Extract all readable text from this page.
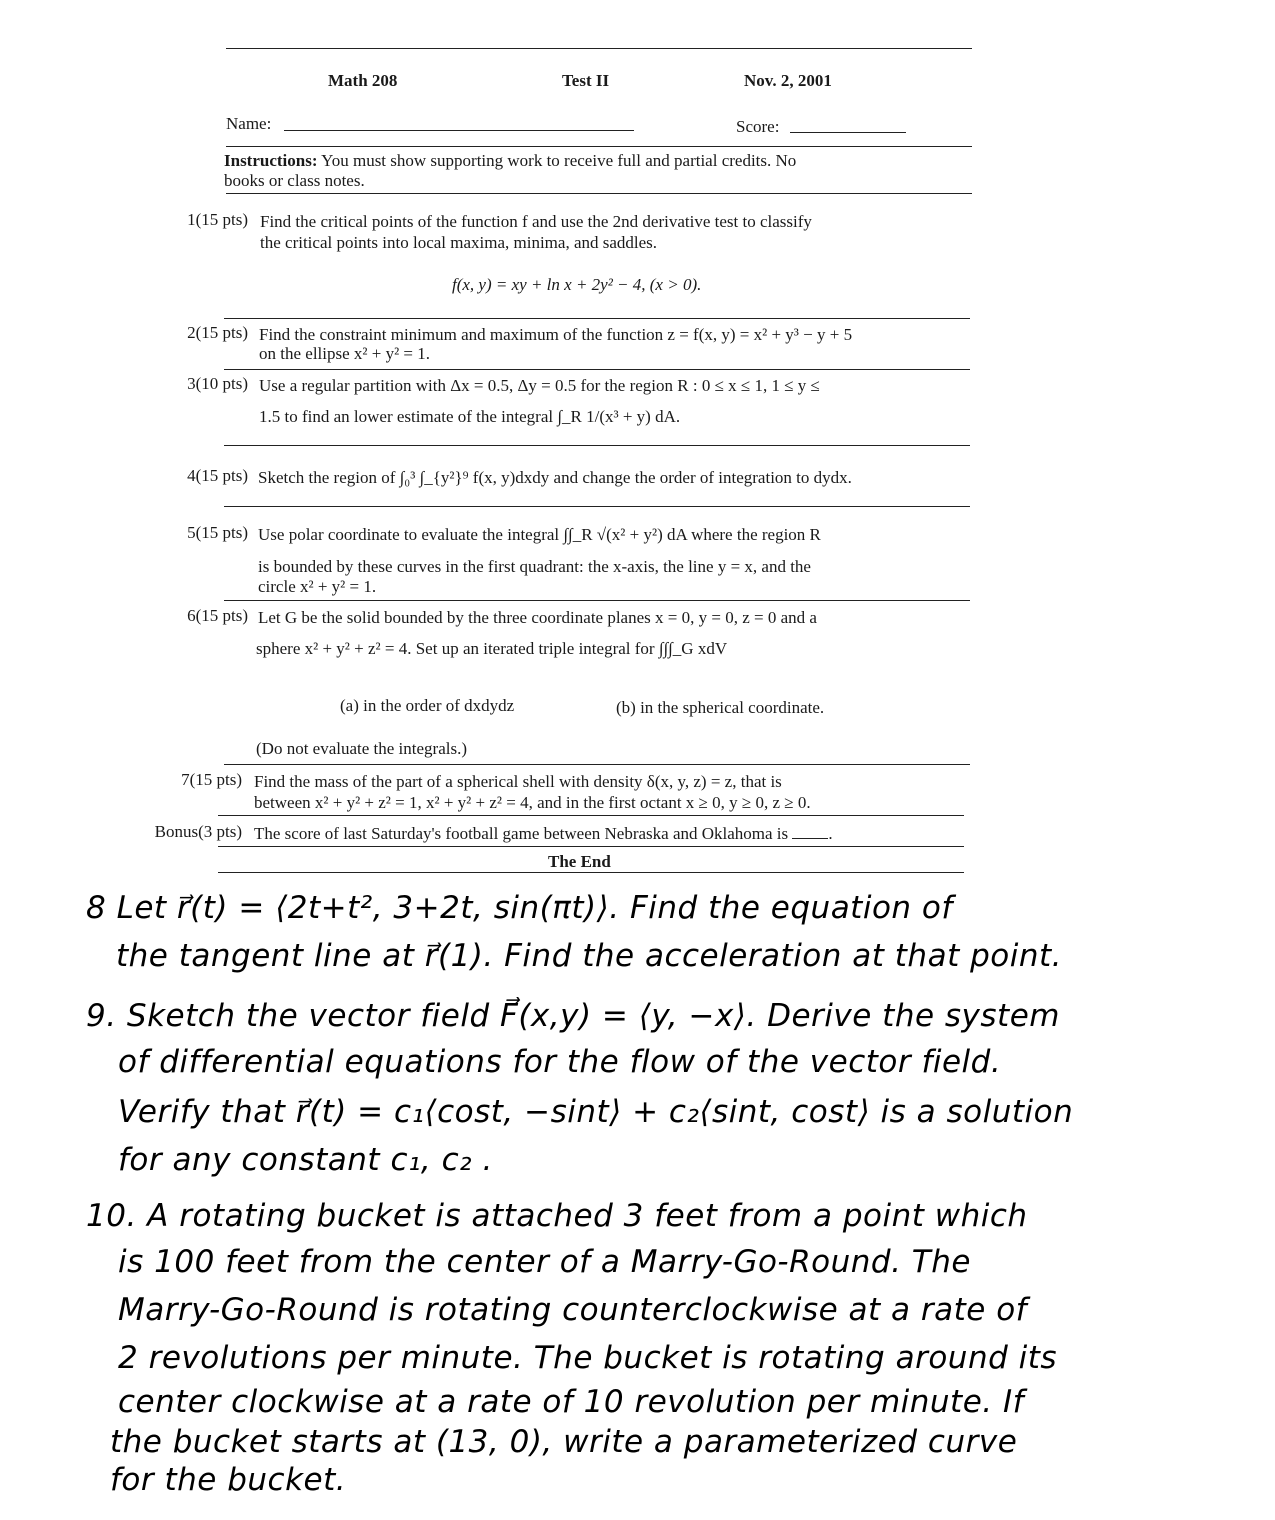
Math 208	Test II	Nov. 2, 2001
Name:	Score:
Instructions: You must show supporting work to receive full and partial credits. No
books or class notes.
1(15 pts) Find the critical points of the function f and use the 2nd derivative test to classify
the critical points into local maxima, minima, and saddles.
f(x, y) = xy + ln x + 2y² − 4, (x > 0).
2(15 pts) Find the constraint minimum and maximum of the function z = f(x, y) = x² + y³ − y + 5
on the ellipse x² + y² = 1.
3(10 pts) Use a regular partition with Δx = 0.5, Δy = 0.5 for the region R : 0 ≤ x ≤ 1, 1 ≤ y ≤
1.5 to find an lower estimate of the integral ∫_R 1/(x³ + y) dA.
4(15 pts) Sketch the region of ∫₀³ ∫_{y²}⁹ f(x, y)dxdy and change the order of integration to dydx.
5(15 pts) Use polar coordinate to evaluate the integral ∫∫_R √(x² + y²) dA where the region R
is bounded by these curves in the first quadrant: the x-axis, the line y = x, and the
circle x² + y² = 1.
6(15 pts) Let G be the solid bounded by the three coordinate planes x = 0, y = 0, z = 0 and a
sphere x² + y² + z² = 4. Set up an iterated triple integral for ∫∫∫_G xdV
(a) in the order of dxdydz	(b) in the spherical coordinate.
(Do not evaluate the integrals.)
7(15 pts) Find the mass of the part of a spherical shell with density δ(x, y, z) = z, that is
between x² + y² + z² = 1, x² + y² + z² = 4, and in the first octant x ≥ 0, y ≥ 0, z ≥ 0.
Bonus(3 pts) The score of last Saturday's football game between Nebraska and Oklahoma is .
The End
8 Let r⃗(t) = ⟨2t+t², 3+2t, sin(πt)⟩. Find the equation of
the tangent line at r⃗(1). Find the acceleration at that point.
9. Sketch the vector field F⃗(x,y) = ⟨y, −x⟩. Derive the system
of differential equations for the flow of the vector field.
Verify that r⃗(t) = c₁⟨cost, −sint⟩ + c₂⟨sint, cost⟩ is a solution
for any constant c₁, c₂ .
10. A rotating bucket is attached 3 feet from a point which
is 100 feet from the center of a Marry-Go-Round. The
Marry-Go-Round is rotating counterclockwise at a rate of
2 revolutions per minute. The bucket is rotating around its
center clockwise at a rate of 10 revolution per minute. If
the bucket starts at (13, 0), write a parameterized curve
for the bucket.
